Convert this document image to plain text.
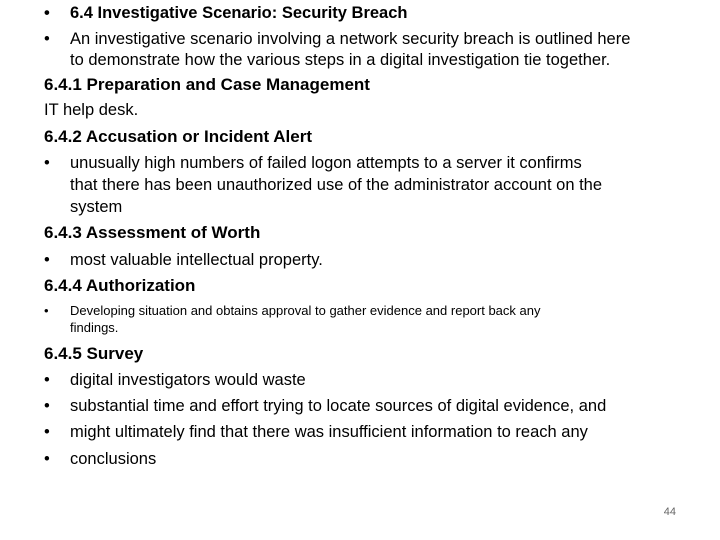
• 6.4 Investigative Scenario: Security Breach
• An investigative scenario involving a network security breach is outlined here
to demonstrate how the various steps in a digital investigation tie together.
6.4.1 Preparation and Case Management
IT help desk.
6.4.2 Accusation or Incident Alert
• unusually high numbers of failed logon attempts to a server it confirms
that there has been unauthorized use of the administrator account on the
system
6.4.3 Assessment of Worth
• most valuable intellectual property.
6.4.4 Authorization
• Developing situation and obtains approval to gather evidence and report back any
findings.
6.4.5 Survey
• digital investigators would waste
• substantial time and effort trying to locate sources of digital evidence, and
• might ultimately find that there was insufficient information to reach any
• conclusions
44
